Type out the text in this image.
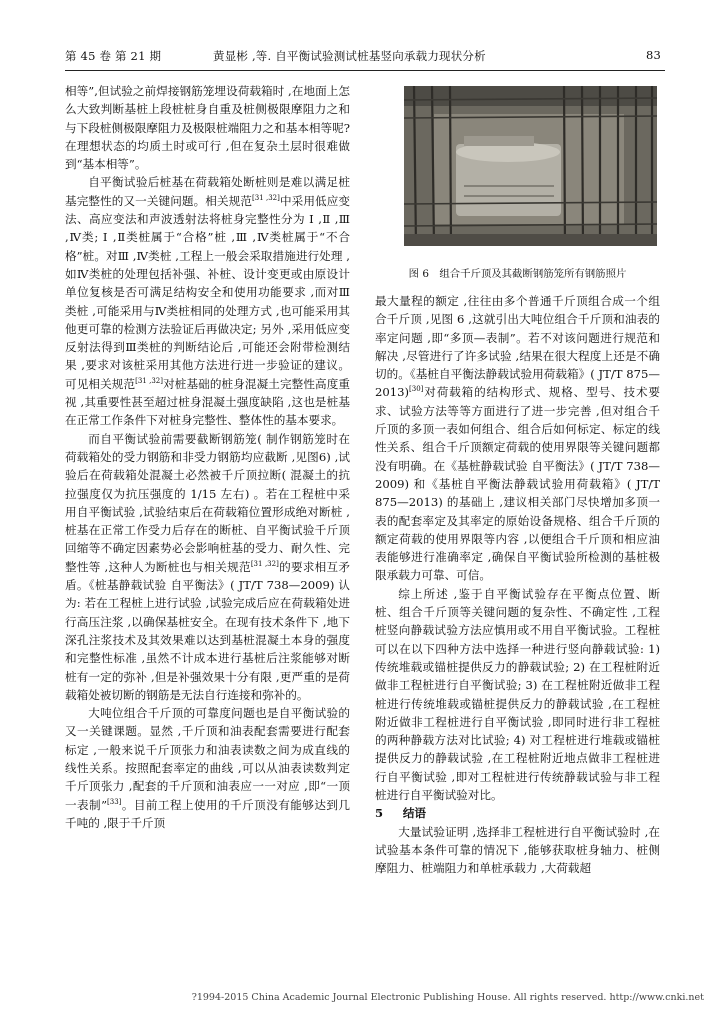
第 45 卷 第 21 期	黄显彬 ,等. 自平衡试验测试桩基竖向承载力现状分析	83

相等”,但试验之前焊接钢筋笼埋设荷载箱时 ,在地面上怎么大致判断基桩上段桩桩身自重及桩侧极限摩阻力之和与下段桩侧极限摩阻力及极限桩端阻力之和基本相等呢? 在理想状态的均质土时或可行 ,但在复杂土层时很难做到“基本相等”。

自平衡试验后桩基在荷载箱处断桩则是难以满足桩基完整性的又一关键问题。相关规范[31 ,32]中采用低应变法、高应变法和声波透射法将桩身完整性分为 Ⅰ ,Ⅱ ,Ⅲ ,Ⅳ类; Ⅰ ,Ⅱ类桩属于“合格”桩 ,Ⅲ ,Ⅳ类桩属于“不合格”桩。对Ⅲ ,Ⅳ类桩 ,工程上一般会采取措施进行处理 ,如Ⅳ类桩的处理包括补强、补桩、设计变更或由原设计单位复核是否可满足结构安全和使用功能要求 ,而对Ⅲ类桩 ,可能采用与Ⅳ类桩相同的处理方式 ,也可能采用其他更可靠的检测方法验证后再做决定; 另外 ,采用低应变反射法得到Ⅲ类桩的判断结论后 ,可能还会附带检测结果 ,要求对该桩采用其他方法进行进一步验证的建议。可见相关规范[31 ,32]对桩基础的桩身混凝土完整性高度重视 ,其重要性甚至超过桩身混凝土强度缺陷 ,这也是桩基在正常工作条件下对桩身完整性、整体性的基本要求。

而自平衡试验前需要截断钢筋笼( 制作钢筋笼时在荷载箱处的受力钢筋和非受力钢筋均应截断 ,见图6) ,试验后在荷载箱处混凝土必然被千斤顶拉断( 混凝土的抗拉强度仅为抗压强度的 1/15 左右) 。若在工程桩中采用自平衡试验 ,试验结束后在荷载箱位置形成绝对断桩 ,桩基在正常工作受力后存在的断桩、自平衡试验千斤顶回缩等不确定因素势必会影响桩基的受力、耐久性、完整性等 ,这种人为断桩也与相关规范[31 ,32]的要求相互矛盾。《桩基静载试验 自平衡法》( JT/T 738—2009) 认为: 若在工程桩上进行试验 ,试验完成后应在荷载箱处进行高压注浆 ,以确保基桩安全。在现有技术条件下 ,地下深孔注浆技术及其效果难以达到基桩混凝土本身的强度和完整性标准 ,虽然不计成本进行基桩后注浆能够对断桩有一定的弥补 ,但是补强效果十分有限 ,更严重的是荷载箱处被切断的钢筋是无法自行连接和弥补的。

大吨位组合千斤顶的可靠度问题也是自平衡试验的又一关键课题。显然 ,千斤顶和油表配套需要进行配套标定 ,一般来说千斤顶张力和油表读数之间为成直线的线性关系。按照配套率定的曲线 ,可以从油表读数判定千斤顶张力 ,配套的千斤顶和油表应一一对应 ,即“一顶一表制”[33]。目前工程上使用的千斤顶没有能够达到几千吨的 ,限于千斤顶

图 6　组合千斤顶及其截断钢筋笼所有钢筋照片

最大量程的额定 ,往往由多个普通千斤顶组合成一个组合千斤顶 ,见图 6 ,这就引出大吨位组合千斤顶和油表的率定问题 ,即“多顶—表制”。若不对该问题进行规范和解决 ,尽管进行了许多试验 ,结果在很大程度上还是不确切的。《基桩自平衡法静载试验用荷载箱》( JT/T 875—2013)[30]对荷载箱的结构形式、规格、型号、技术要求、试验方法等等方面进行了进一步完善 ,但对组合千斤顶的多顶一表如何组合、组合后如何标定、标定的线性关系、组合千斤顶额定荷载的使用界限等关键问题都没有明确。在《基桩静载试验 自平衡法》( JT/T 738—2009) 和《基桩自平衡法静载试验用荷载箱》( JT/T 875—2013) 的基础上 ,建议相关部门尽快增加多顶一表的配套率定及其率定的原始设备规格、组合千斤顶的额定荷载的使用界限等内容 ,以便组合千斤顶和相应油表能够进行准确率定 ,确保自平衡试验所检测的基桩极限承载力可靠、可信。

综上所述 ,鉴于自平衡试验存在平衡点位置、断桩、组合千斤顶等关键问题的复杂性、不确定性 ,工程桩竖向静载试验方法应慎用或不用自平衡试验。工程桩可以在以下四种方法中选择一种进行竖向静载试验: 1) 传统堆载或锚桩提供反力的静载试验; 2) 在工程桩附近做非工程桩进行自平衡试验; 3) 在工程桩附近做非工程桩进行传统堆载或锚桩提供反力的静载试验 ,在工程桩附近做非工程桩进行自平衡试验 ,即同时进行非工程桩的两种静载方法对比试验; 4) 对工程桩进行堆载或锚桩提供反力的静载试验 ,在工程桩附近地点做非工程桩进行自平衡试验 ,即对工程桩进行传统静载试验与非工程桩进行自平衡试验对比。

5 结语

大量试验证明 ,选择非工程桩进行自平衡试验时 ,在试验基本条件可靠的情况下 ,能够获取桩身轴力、桩侧摩阻力、桩端阻力和单桩承载力 ,大荷载超

?1994-2015 China Academic Journal Electronic Publishing House. All rights reserved. http://www.cnki.net
